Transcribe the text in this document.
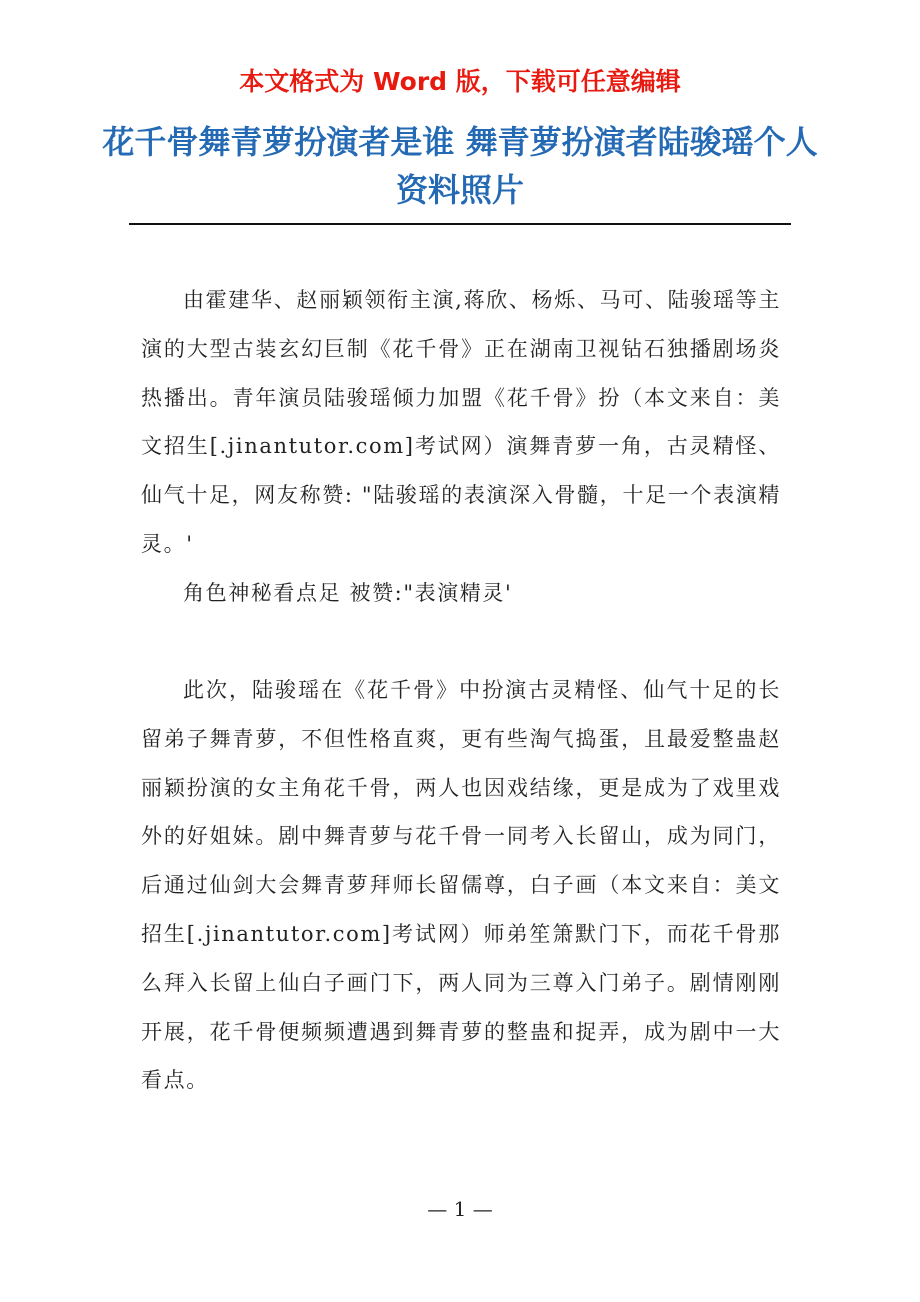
本文格式为 Word 版，下载可任意编辑
花千骨舞青萝扮演者是谁 舞青萝扮演者陆骏瑶个人资料照片

由霍建华、赵丽颖领衔主演,蒋欣、杨烁、马可、陆骏瑶等主演的大型古装玄幻巨制《花千骨》正在湖南卫视钻石独播剧场炎热播出。青年演员陆骏瑶倾力加盟《花千骨》扮（本文来自：美文招生[.jinantutor.com]考试网）演舞青萝一角，古灵精怪、仙气十足，网友称赞: "陆骏瑶的表演深入骨髓，十足一个表演精灵。'

角色神秘看点足 被赞:"表演精灵'

此次，陆骏瑶在《花千骨》中扮演古灵精怪、仙气十足的长留弟子舞青萝，不但性格直爽，更有些淘气捣蛋，且最爱整蛊赵丽颖扮演的女主角花千骨，两人也因戏结缘，更是成为了戏里戏外的好姐妹。剧中舞青萝与花千骨一同考入长留山，成为同门，后通过仙剑大会舞青萝拜师长留儒尊，白子画（本文来自：美文招生[.jinantutor.com]考试网）师弟笙箫默门下，而花千骨那么拜入长留上仙白子画门下，两人同为三尊入门弟子。剧情刚刚开展，花千骨便频频遭遇到舞青萝的整蛊和捉弄，成为剧中一大看点。

— 1 —
